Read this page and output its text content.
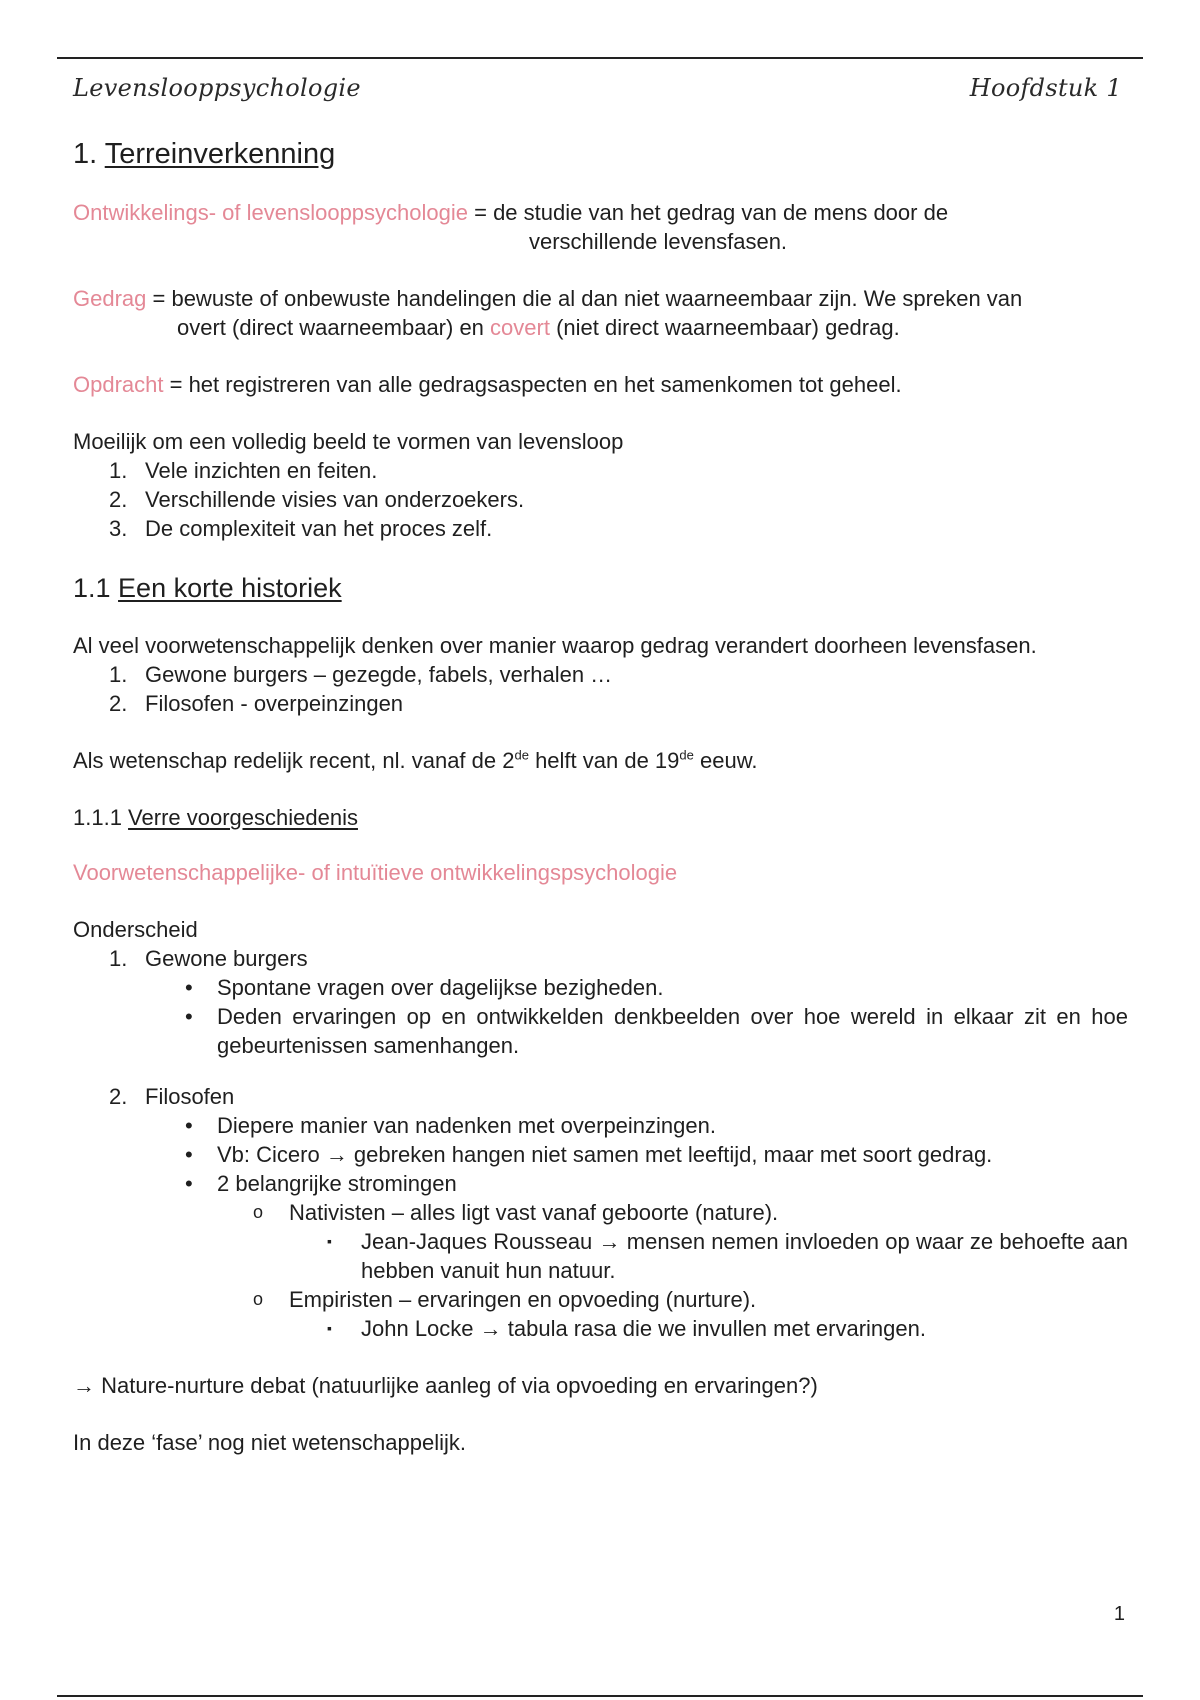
Levenslooppsychologie	Hoofdstuk 1
1. Terreinverkenning

Ontwikkelings- of levenslooppsychologie = de studie van het gedrag van de mens door de

verschillende levensfasen.

Gedrag = bewuste of onbewuste handelingen die al dan niet waarneembaar zijn. We spreken van

overt (direct waarneembaar) en covert (niet direct waarneembaar) gedrag.

Opdracht = het registreren van alle gedragsaspecten en het samenkomen tot geheel.

Moeilijk om een volledig beeld te vormen van levensloop

1. Vele inzichten en feiten.
2. Verschillende visies van onderzoekers.
3. De complexiteit van het proces zelf.
1.1 Een korte historiek

Al veel voorwetenschappelijk denken over manier waarop gedrag verandert doorheen levensfasen.

1. Gewone burgers – gezegde, fabels, verhalen …
2. Filosofen - overpeinzingen

Als wetenschap redelijk recent, nl. vanaf de 2de helft van de 19de eeuw.

1.1.1 Verre voorgeschiedenis

Voorwetenschappelijke- of intuïtieve ontwikkelingspsychologie

Onderscheid

1. Gewone burgers
• Spontane vragen over dagelijkse bezigheden.
• Deden ervaringen op en ontwikkelden denkbeelden over hoe wereld in elkaar zit en hoe gebeurtenissen samenhangen.
2. Filosofen
• Diepere manier van nadenken met overpeinzingen.
• Vb: Cicero → gebreken hangen niet samen met leeftijd, maar met soort gedrag.
• 2 belangrijke stromingen
o Nativisten – alles ligt vast vanaf geboorte (nature).
▪ Jean-Jaques Rousseau → mensen nemen invloeden op waar ze behoefte aan hebben vanuit hun natuur.
o Empiristen – ervaringen en opvoeding (nurture).
▪ John Locke → tabula rasa die we invullen met ervaringen.

→ Nature-nurture debat (natuurlijke aanleg of via opvoeding en ervaringen?)

In deze ‘fase’ nog niet wetenschappelijk.

1
